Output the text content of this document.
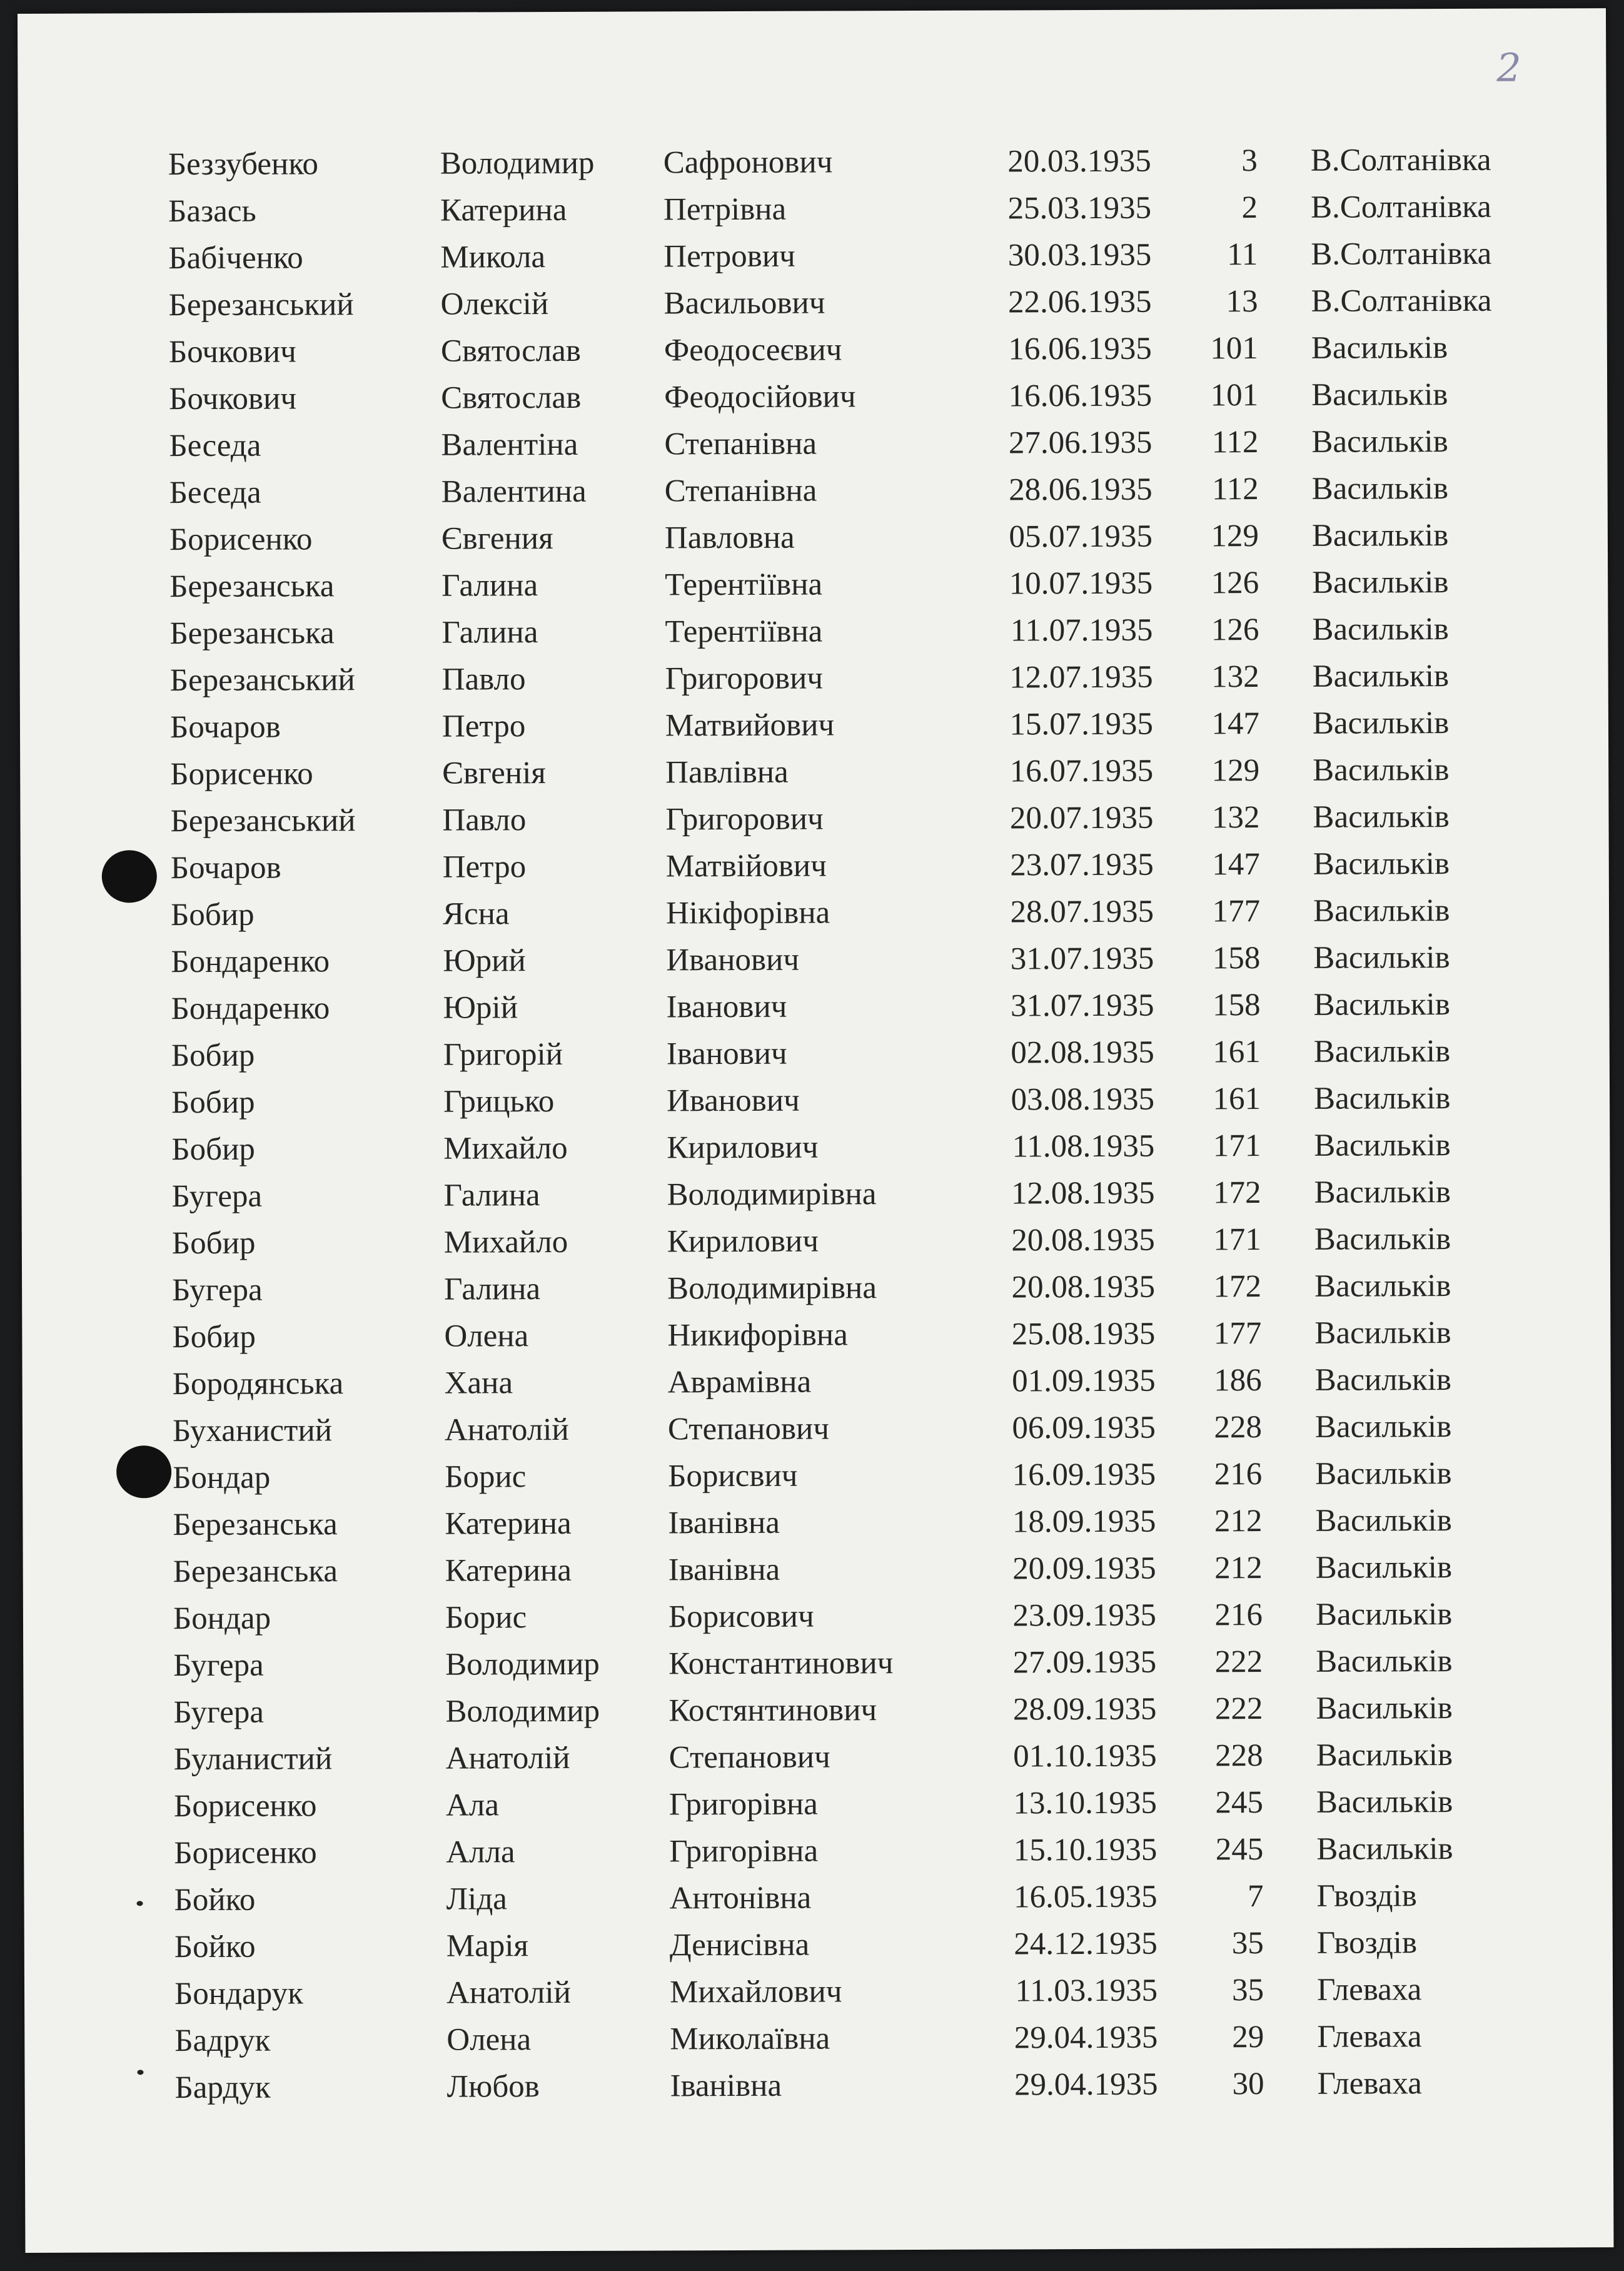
2
Беззубенко	Володимир	Сафронович	20.03.1935	3	В.Солтанівка
Базась	Катерина	Петрівна	25.03.1935	2	В.Солтанівка
Бабіченко	Микола	Петрович	30.03.1935	11	В.Солтанівка
Березанський	Олексій	Васильович	22.06.1935	13	В.Солтанівка
Бочкович	Святослав	Феодосеєвич	16.06.1935	101	Васильків
Бочкович	Святослав	Феодосійович	16.06.1935	101	Васильків
Беседа	Валентіна	Степанівна	27.06.1935	112	Васильків
Беседа	Валентина	Степанівна	28.06.1935	112	Васильків
Борисенко	Євгения	Павловна	05.07.1935	129	Васильків
Березанська	Галина	Терентіївна	10.07.1935	126	Васильків
Березанська	Галина	Терентіївна	11.07.1935	126	Васильків
Березанський	Павло	Григорович	12.07.1935	132	Васильків
Бочаров	Петро	Матвийович	15.07.1935	147	Васильків
Борисенко	Євгенія	Павлівна	16.07.1935	129	Васильків
Березанський	Павло	Григорович	20.07.1935	132	Васильків
Бочаров	Петро	Матвійович	23.07.1935	147	Васильків
Бобир	Ясна	Нікіфорівна	28.07.1935	177	Васильків
Бондаренко	Юрий	Иванович	31.07.1935	158	Васильків
Бондаренко	Юрій	Іванович	31.07.1935	158	Васильків
Бобир	Григорій	Іванович	02.08.1935	161	Васильків
Бобир	Грицько	Иванович	03.08.1935	161	Васильків
Бобир	Михайло	Кирилович	11.08.1935	171	Васильків
Бугера	Галина	Володимирівна	12.08.1935	172	Васильків
Бобир	Михайло	Кирилович	20.08.1935	171	Васильків
Бугера	Галина	Володимирівна	20.08.1935	172	Васильків
Бобир	Олена	Никифорівна	25.08.1935	177	Васильків
Бородянська	Хана	Аврамівна	01.09.1935	186	Васильків
Буханистий	Анатолій	Степанович	06.09.1935	228	Васильків
Бондар	Борис	Борисвич	16.09.1935	216	Васильків
Березанська	Катерина	Іванівна	18.09.1935	212	Васильків
Березанська	Катерина	Іванівна	20.09.1935	212	Васильків
Бондар	Борис	Борисович	23.09.1935	216	Васильків
Бугера	Володимир	Константинович	27.09.1935	222	Васильків
Бугера	Володимир	Костянтинович	28.09.1935	222	Васильків
Буланистий	Анатолій	Степанович	01.10.1935	228	Васильків
Борисенко	Ала	Григорівна	13.10.1935	245	Васильків
Борисенко	Алла	Григорівна	15.10.1935	245	Васильків
Бойко	Ліда	Антонівна	16.05.1935	7	Гвоздів
Бойко	Марія	Денисівна	24.12.1935	35	Гвоздів
Бондарук	Анатолій	Михайлович	11.03.1935	35	Глеваха
Бадрук	Олена	Миколаївна	29.04.1935	29	Глеваха
Бардук	Любов	Іванівна	29.04.1935	30	Глеваха
